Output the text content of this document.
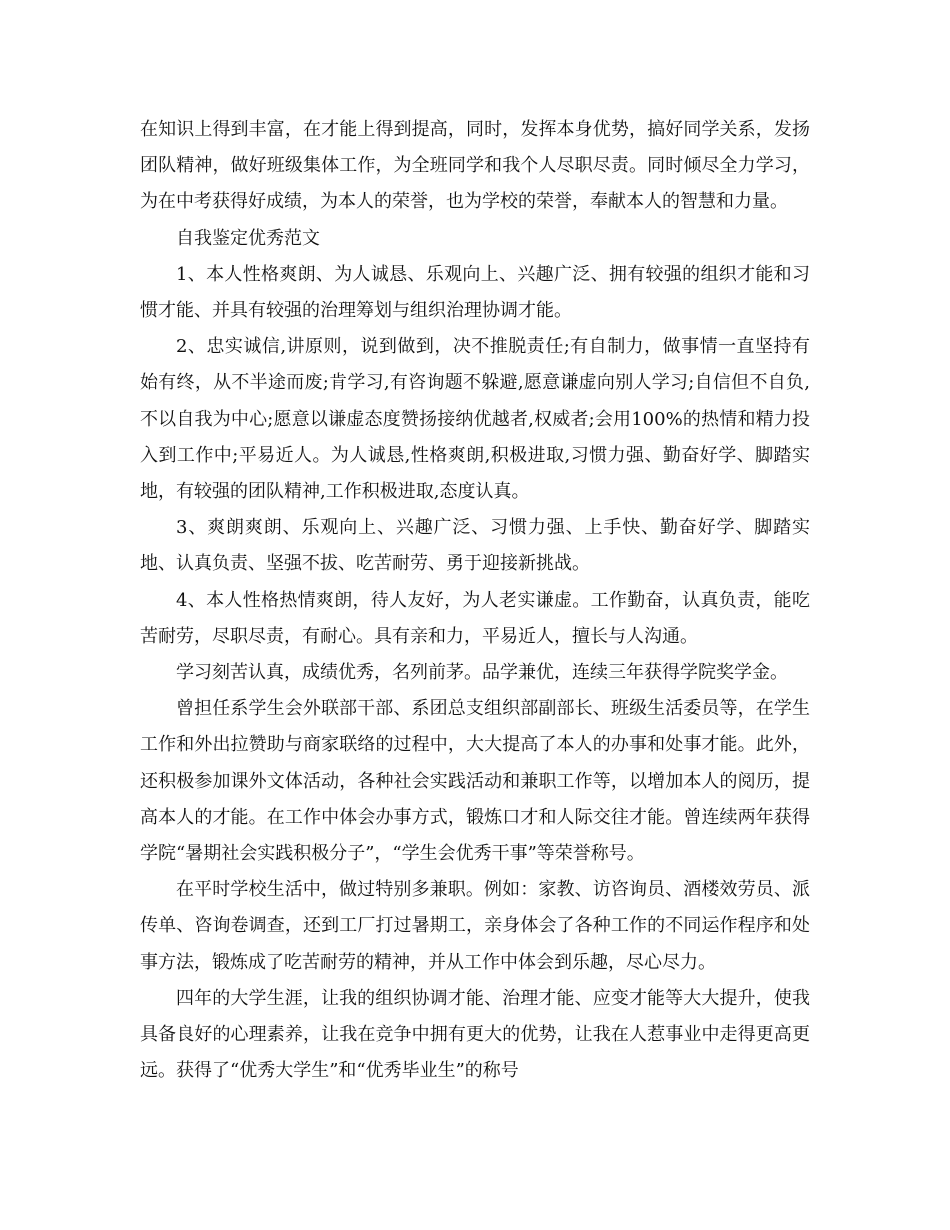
在知识上得到丰富，在才能上得到提高，同时，发挥本身优势，搞好同学关系，发扬团队精神，做好班级集体工作，为全班同学和我个人尽职尽责。同时倾尽全力学习，为在中考获得好成绩，为本人的荣誉，也为学校的荣誉，奉献本人的智慧和力量。

自我鉴定优秀范文

1、本人性格爽朗、为人诚恳、乐观向上、兴趣广泛、拥有较强的组织才能和习惯才能、并具有较强的治理筹划与组织治理协调才能。

2、忠实诚信,讲原则，说到做到，决不推脱责任;有自制力，做事情一直坚持有始有终，从不半途而废;肯学习,有咨询题不躲避,愿意谦虚向别人学习;自信但不自负,不以自我为中心;愿意以谦虚态度赞扬接纳优越者,权威者;会用100%的热情和精力投入到工作中;平易近人。为人诚恳,性格爽朗,积极进取,习惯力强、勤奋好学、脚踏实地，有较强的团队精神,工作积极进取,态度认真。

3、爽朗爽朗、乐观向上、兴趣广泛、习惯力强、上手快、勤奋好学、脚踏实地、认真负责、坚强不拔、吃苦耐劳、勇于迎接新挑战。

4、本人性格热情爽朗，待人友好，为人老实谦虚。工作勤奋，认真负责，能吃苦耐劳，尽职尽责，有耐心。具有亲和力，平易近人，擅长与人沟通。

学习刻苦认真，成绩优秀，名列前茅。品学兼优，连续三年获得学院奖学金。

曾担任系学生会外联部干部、系团总支组织部副部长、班级生活委员等，在学生工作和外出拉赞助与商家联络的过程中，大大提高了本人的办事和处事才能。此外，还积极参加课外文体活动，各种社会实践活动和兼职工作等，以增加本人的阅历，提高本人的才能。在工作中体会办事方式，锻炼口才和人际交往才能。曾连续两年获得学院“暑期社会实践积极分子”，“学生会优秀干事”等荣誉称号。

在平时学校生活中，做过特别多兼职。例如：家教、访咨询员、酒楼效劳员、派传单、咨询卷调查，还到工厂打过暑期工，亲身体会了各种工作的不同运作程序和处事方法，锻炼成了吃苦耐劳的精神，并从工作中体会到乐趣，尽心尽力。

四年的大学生涯，让我的组织协调才能、治理才能、应变才能等大大提升，使我具备良好的心理素养，让我在竞争中拥有更大的优势，让我在人惹事业中走得更高更远。获得了“优秀大学生”和“优秀毕业生”的称号
